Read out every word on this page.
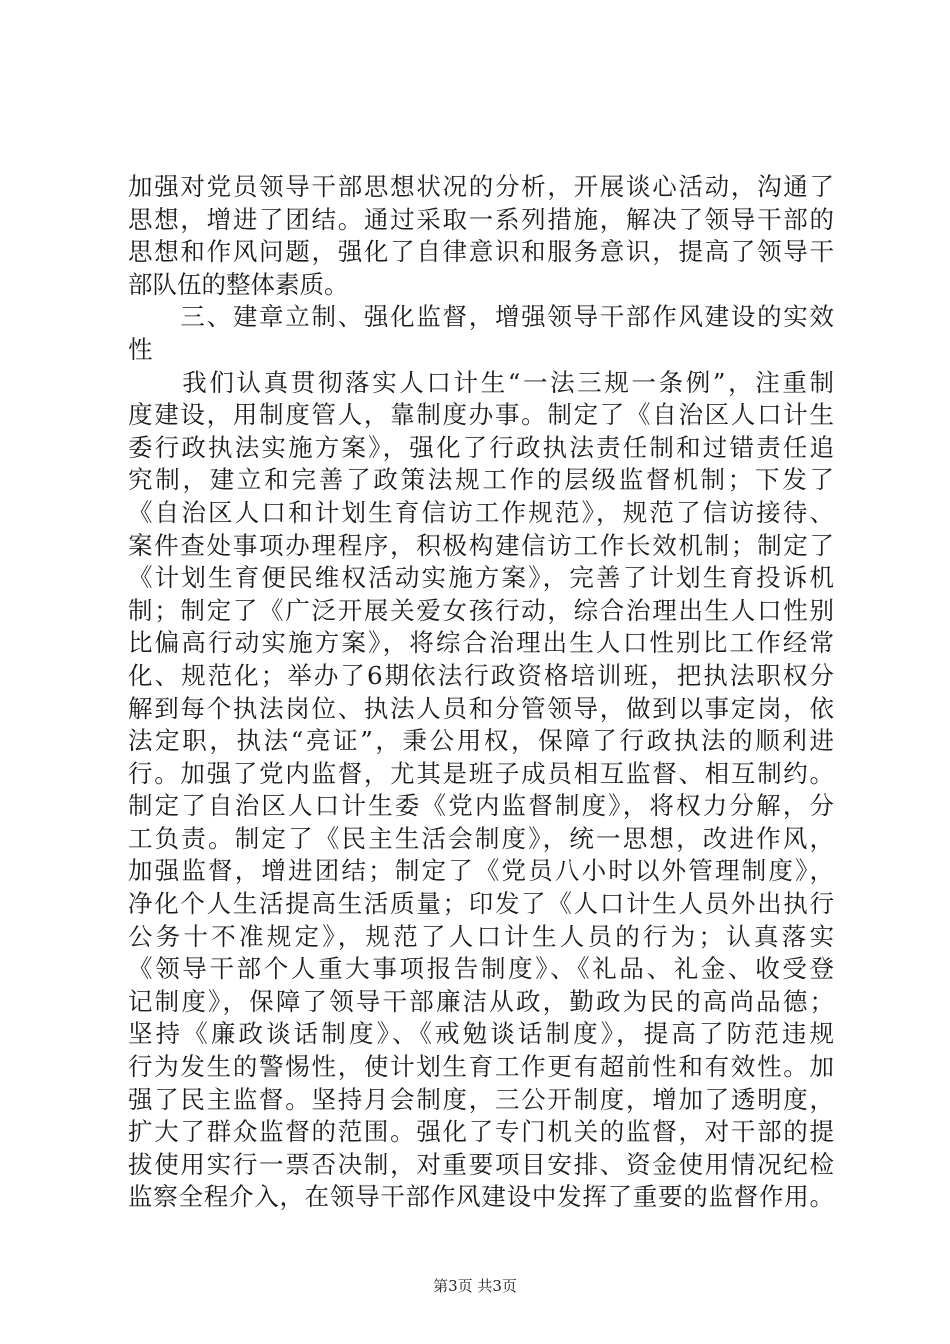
加强对党员领导干部思想状况的分析，开展谈心活动，沟通了
思想，增进了团结。通过采取一系列措施，解决了领导干部的
思想和作风问题，强化了自律意识和服务意识，提高了领导干
部队伍的整体素质。
　　三、建章立制、强化监督，增强领导干部作风建设的实效
性
　　我们认真贯彻落实人口计生“一法三规一条例”，注重制
度建设，用制度管人，靠制度办事。制定了《自治区人口计生
委行政执法实施方案》，强化了行政执法责任制和过错责任追
究制，建立和完善了政策法规工作的层级监督机制；下发了
《自治区人口和计划生育信访工作规范》，规范了信访接待、
案件查处事项办理程序，积极构建信访工作长效机制；制定了
《计划生育便民维权活动实施方案》，完善了计划生育投诉机
制；制定了《广泛开展关爱女孩行动，综合治理出生人口性别
比偏高行动实施方案》，将综合治理出生人口性别比工作经常
化、规范化；举办了6期依法行政资格培训班，把执法职权分
解到每个执法岗位、执法人员和分管领导，做到以事定岗，依
法定职，执法“亮证”，秉公用权，保障了行政执法的顺利进
行。加强了党内监督，尤其是班子成员相互监督、相互制约。
制定了自治区人口计生委《党内监督制度》，将权力分解，分
工负责。制定了《民主生活会制度》，统一思想，改进作风，
加强监督，增进团结；制定了《党员八小时以外管理制度》，
净化个人生活提高生活质量；印发了《人口计生人员外出执行
公务十不准规定》，规范了人口计生人员的行为；认真落实
《领导干部个人重大事项报告制度》、《礼品、礼金、收受登
记制度》，保障了领导干部廉洁从政，勤政为民的高尚品德；
坚持《廉政谈话制度》、《戒勉谈话制度》，提高了防范违规
行为发生的警惕性，使计划生育工作更有超前性和有效性。加
强了民主监督。坚持月会制度，三公开制度，增加了透明度，
扩大了群众监督的范围。强化了专门机关的监督，对干部的提
拔使用实行一票否决制，对重要项目安排、资金使用情况纪检
监察全程介入，在领导干部作风建设中发挥了重要的监督作用。
第3页 共3页
